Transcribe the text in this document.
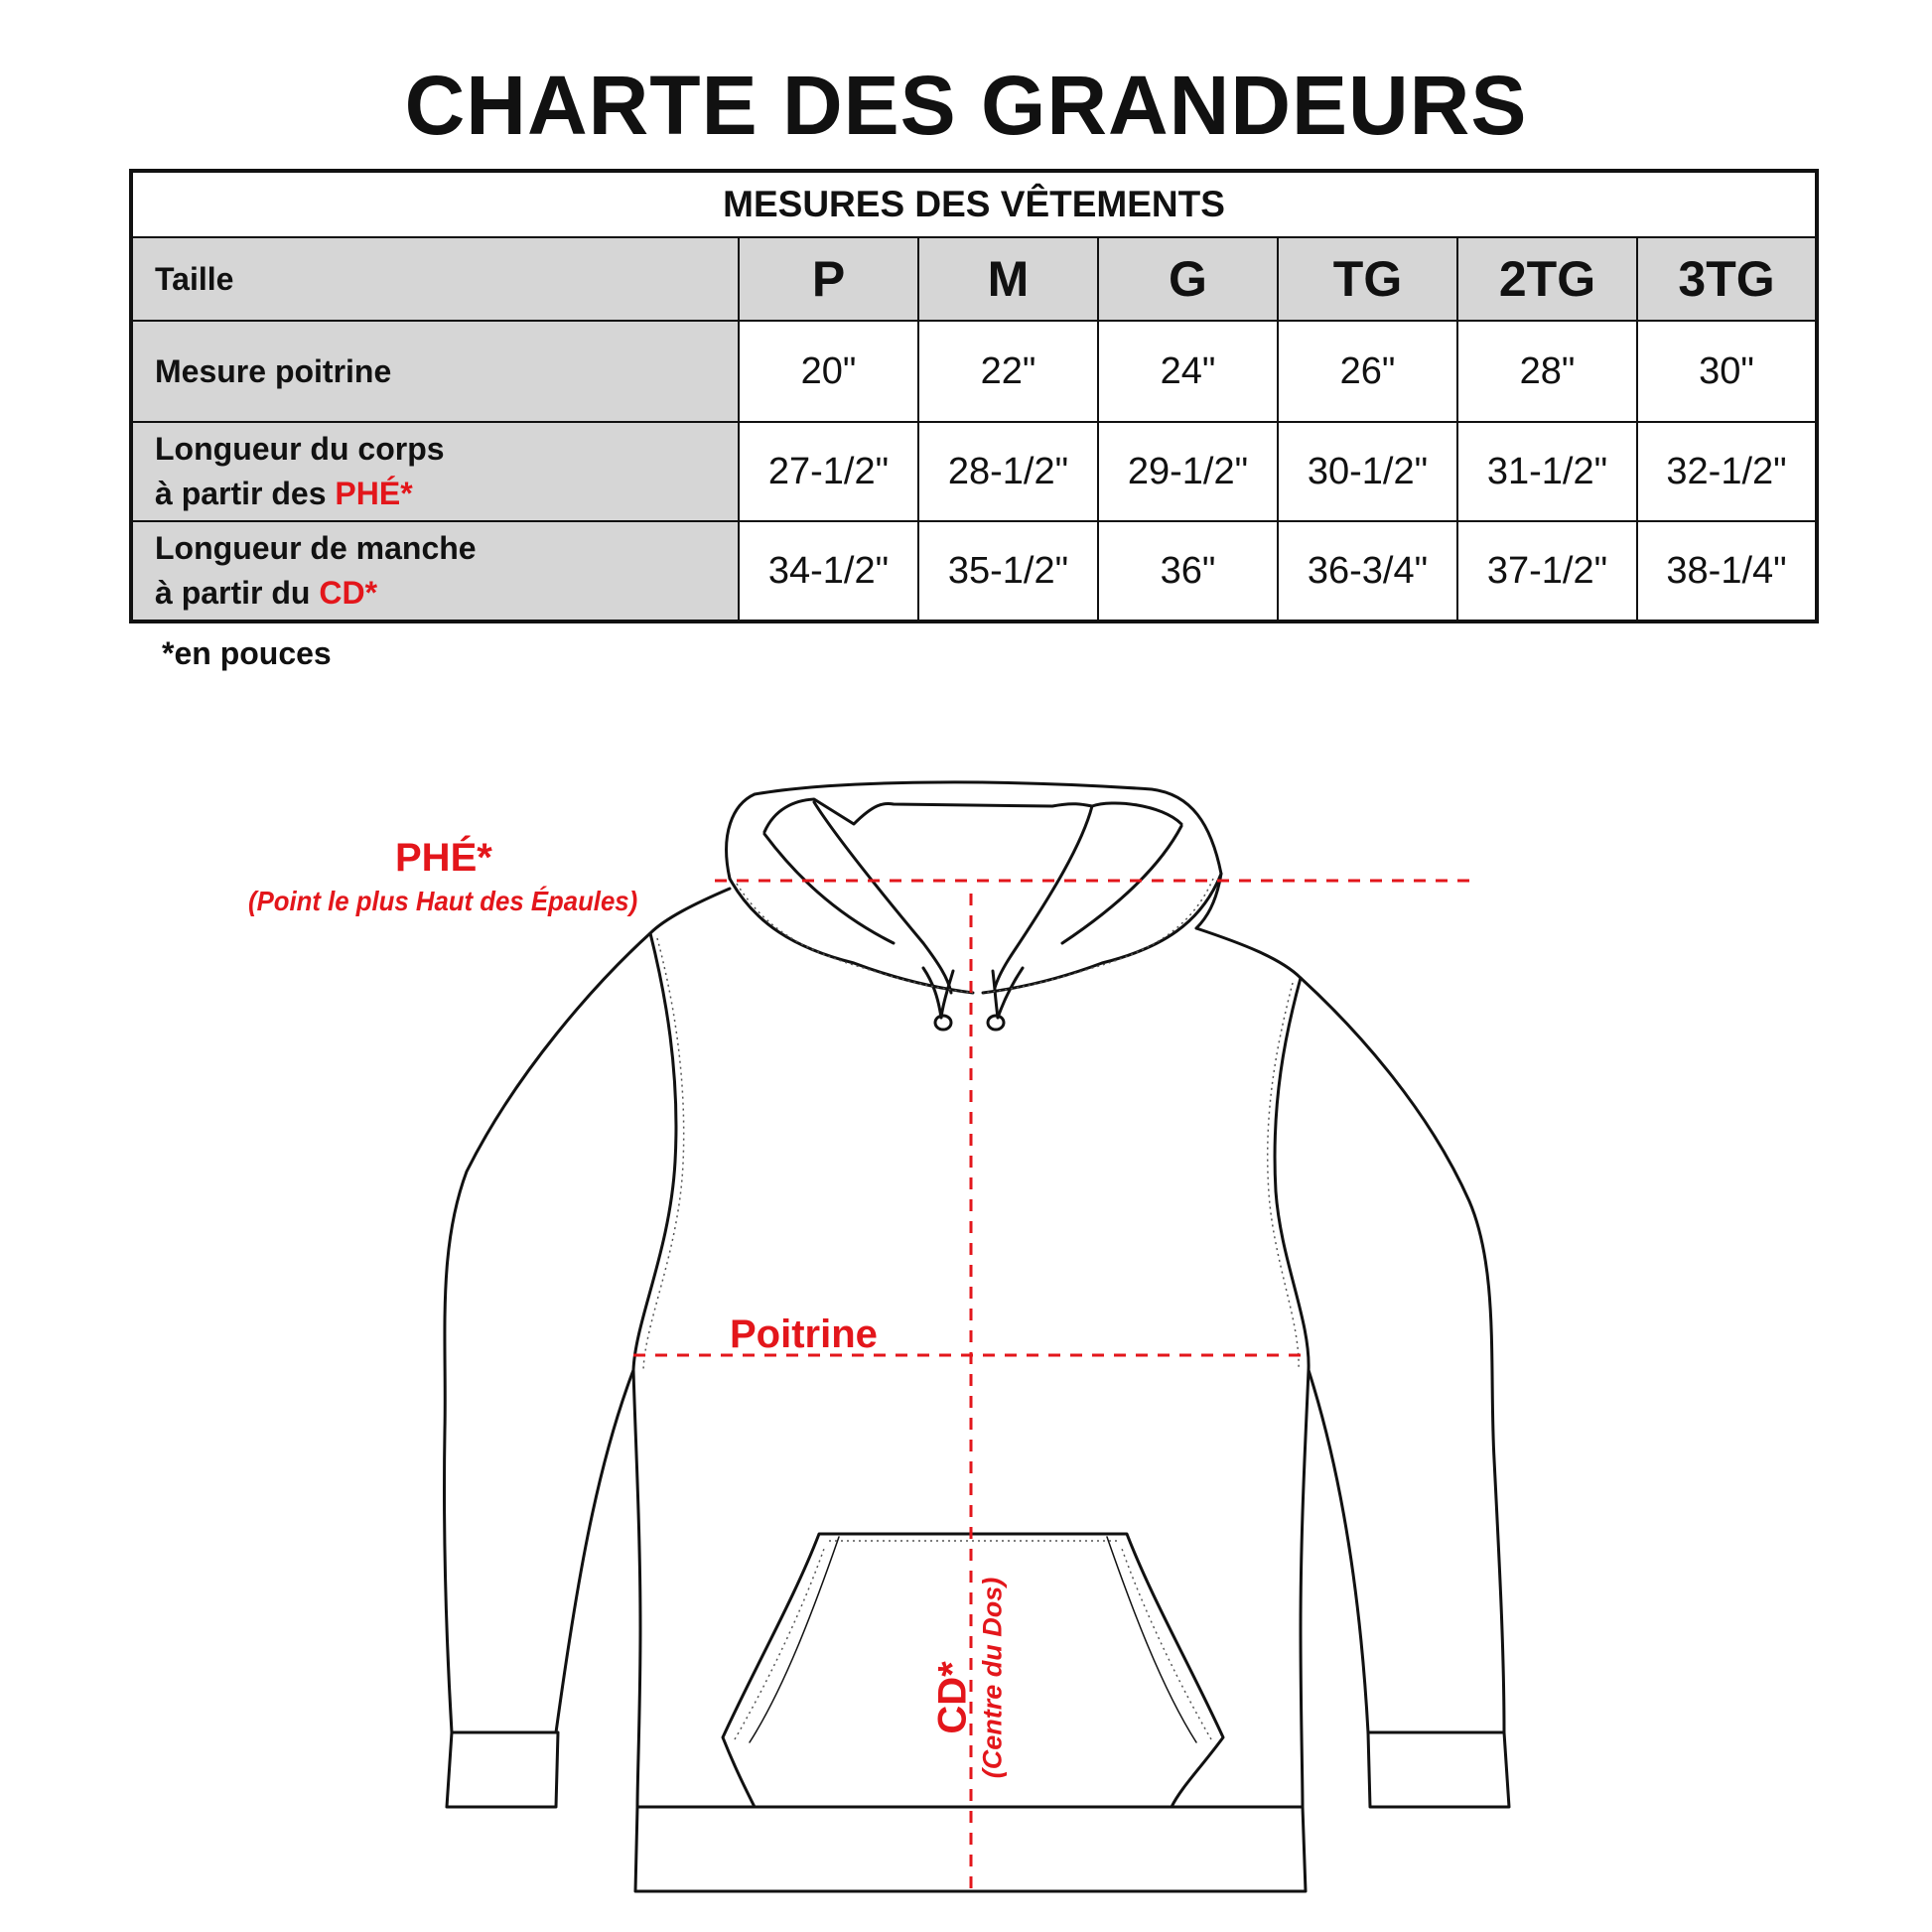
CHARTE DES GRANDEURS
MESURES DES VÊTEMENTS						
Taille	P	M	G	TG	2TG	3TG
Mesure poitrine	20"	22"	24"	26"	28"	30"

Longueur du corps
à partir des PHÉ*	27-1/2"	28-1/2"	29-1/2"	30-1/2"	31-1/2"	32-1/2"

Longueur de manche
à partir du CD*	34-1/2"	35-1/2"	36"	36-3/4"	37-1/2"	38-1/4"
*en pouces
PHÉ*
(Point le plus Haut des Épaules)
Poitrine
CD* (Centre du Dos)
